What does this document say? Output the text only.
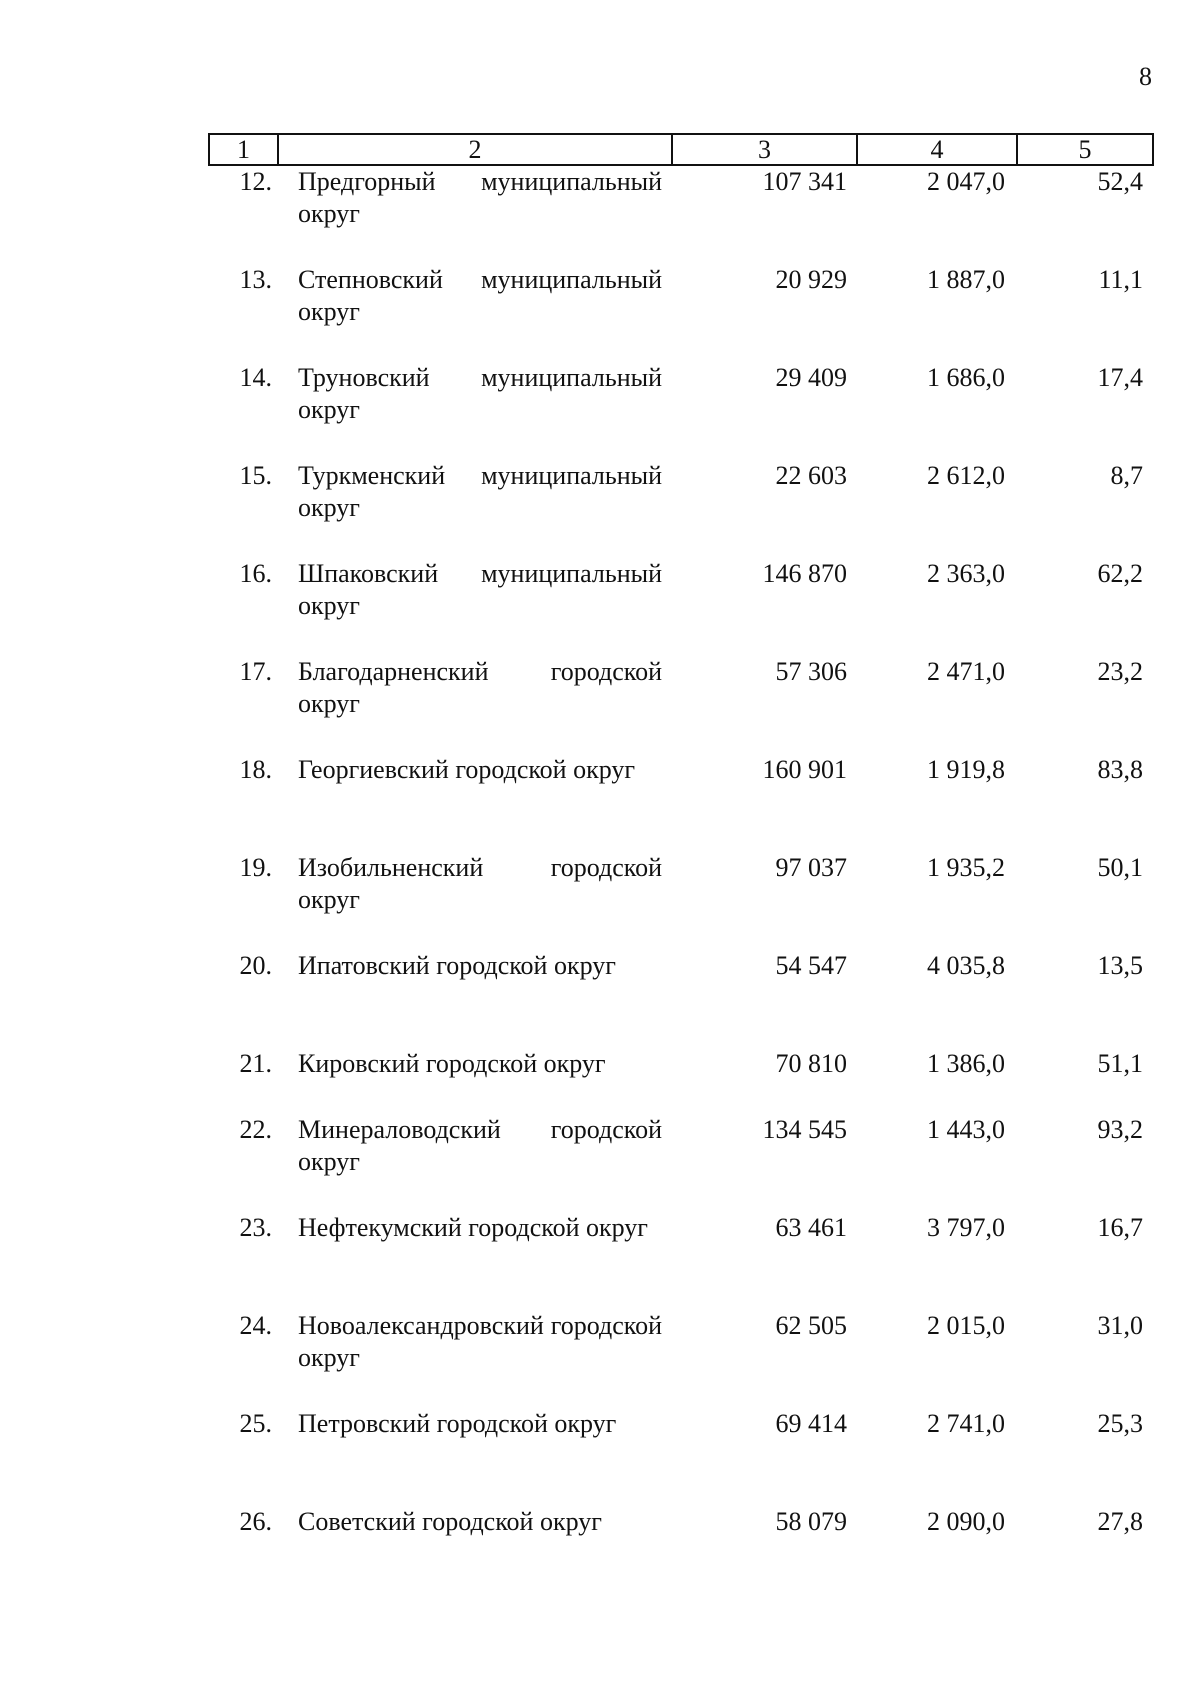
8
1	2	3	4	5
12.	Предгорный муниципальный округ	107 341	2 047,0	52,4
13.	Степновский муниципальный округ	20 929	1 887,0	11,1
14.	Труновский муниципальный округ	29 409	1 686,0	17,4
15.	Туркменский муниципальный округ	22 603	2 612,0	8,7
16.	Шпаковский муниципальный округ	146 870	2 363,0	62,2
17.	Благодарненский городской округ	57 306	2 471,0	23,2
18.	Георгиевский городской округ	160 901	1 919,8	83,8
19.	Изобильненский городской округ	97 037	1 935,2	50,1
20.	Ипатовский городской округ	54 547	4 035,8	13,5
21.	Кировский городской округ	70 810	1 386,0	51,1
22.	Минераловодский городской округ	134 545	1 443,0	93,2
23.	Нефтекумский городской округ	63 461	3 797,0	16,7
24.	Новоалександровский городской округ	62 505	2 015,0	31,0
25.	Петровский городской округ	69 414	2 741,0	25,3
26.	Советский городской округ	58 079	2 090,0	27,8
